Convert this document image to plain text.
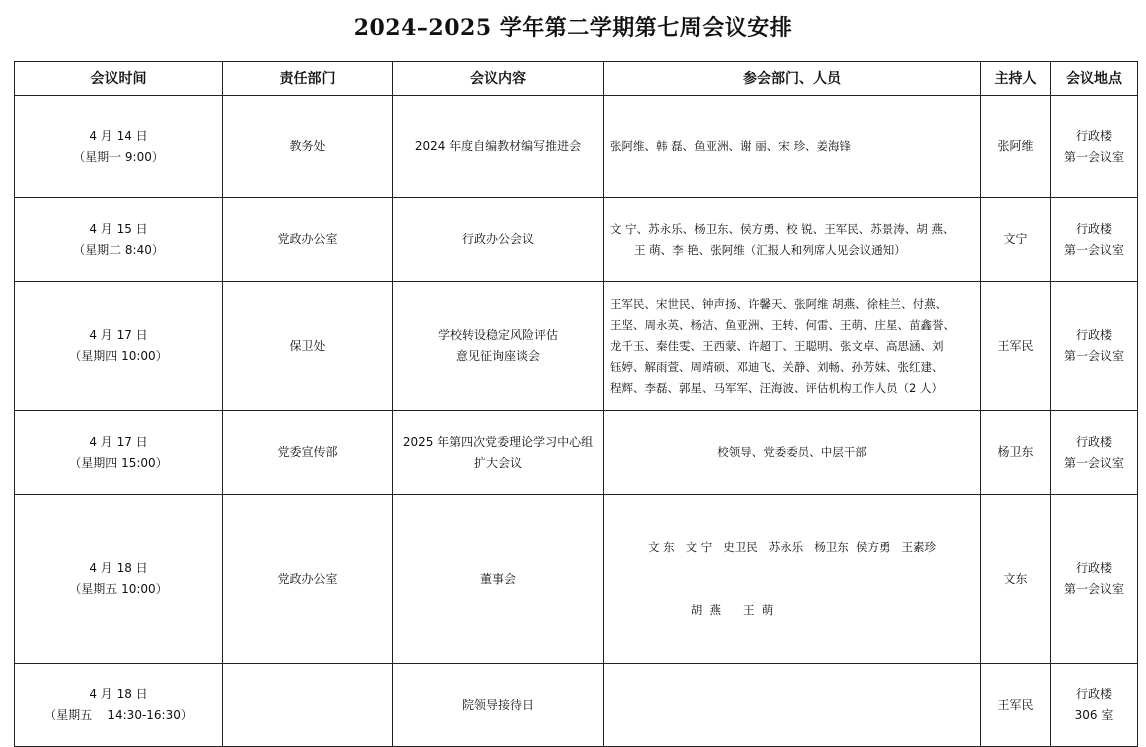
2024–2025 学年第二学期第七周会议安排
会议时间	责任部门	会议内容	参会部门、人员	主持人	会议地点

4 月 14 日
（星期一 9:00）	教务处	2024 年度自编教材编写推进会	张阿维、韩 磊、鱼亚洲、谢 丽、宋 珍、姜海锋	张阿维	行政楼
第一会议室

4 月 15 日
（星期二 8:40）	党政办公室	行政办公会议	文 宁、苏永乐、杨卫东、侯方勇、校 锐、王军民、苏景涛、胡 燕、
王 萌、李 艳、张阿维（汇报人和列席人见会议通知）	文宁	行政楼
第一会议室

4 月 17 日
（星期四 10:00）	保卫处	学校转设稳定风险评估
意见征询座谈会	王军民、宋世民、钟声扬、许馨天、张阿维 胡燕、徐桂兰、付燕、
王坚、周永英、杨洁、鱼亚洲、王转、何雷、王萌、庄星、苗鑫誉、
龙千玉、秦佳雯、王西蒙、许超丁、王聪明、张文卓、高思涵、刘
钰婷、解雨萱、周靖硕、邓迪飞、关静、刘畅、孙芳妹、张红建、
程辉、李磊、郭星、马军军、汪海波、评估机构工作人员（2 人）	王军民	行政楼
第一会议室

4 月 17 日
（星期四 15:00）	党委宣传部	2025 年第四次党委理论学习中心组
扩大会议	校领导、党委委员、中层干部	杨卫东	行政楼
第一会议室

4 月 18 日
（星期五 10:00）	党政办公室	董事会	文 东   文 宁   史卫民   苏永乐   杨卫东  侯方勇   王素珍

胡  燕      王  萌	文东	行政楼
第一会议室

4 月 18 日
（星期五    14:30-16:30）		院领导接待日		王军民	行政楼
306 室
